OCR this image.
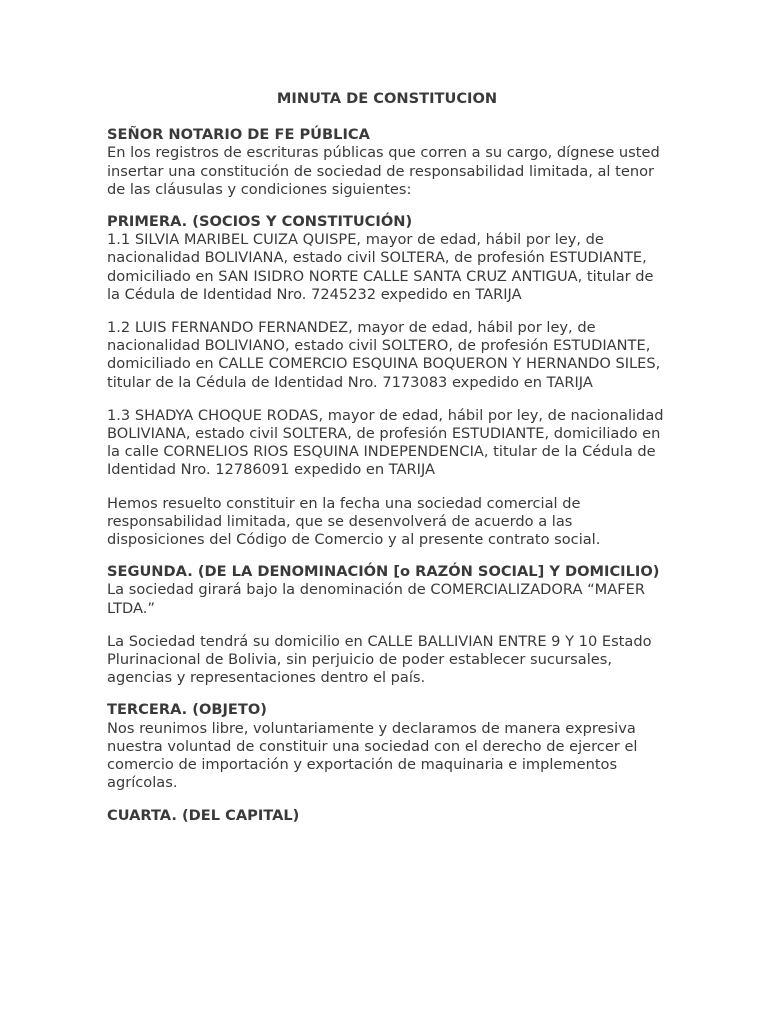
MINUTA DE CONSTITUCION

SEÑOR NOTARIO DE FE PÚBLICA

En los registros de escrituras públicas que corren a su cargo, dígnese usted insertar una constitución de sociedad de responsabilidad limitada, al tenor de las cláusulas y condiciones siguientes:

PRIMERA. (SOCIOS Y CONSTITUCIÓN)

1.1 SILVIA MARIBEL CUIZA QUISPE, mayor de edad, hábil por ley, de nacionalidad BOLIVIANA, estado civil SOLTERA, de profesión ESTUDIANTE, domiciliado en SAN ISIDRO NORTE CALLE SANTA CRUZ ANTIGUA, titular de la Cédula de Identidad Nro. 7245232 expedido en TARIJA

1.2 LUIS FERNANDO FERNANDEZ, mayor de edad, hábil por ley, de nacionalidad BOLIVIANO, estado civil SOLTERO, de profesión ESTUDIANTE, domiciliado en CALLE COMERCIO ESQUINA BOQUERON Y HERNANDO SILES, titular de la Cédula de Identidad Nro. 7173083 expedido en TARIJA

1.3 SHADYA CHOQUE RODAS, mayor de edad, hábil por ley, de nacionalidad BOLIVIANA, estado civil SOLTERA, de profesión ESTUDIANTE, domiciliado en la calle CORNELIOS RIOS ESQUINA INDEPENDENCIA, titular de la Cédula de Identidad Nro. 12786091 expedido en TARIJA

Hemos resuelto constituir en la fecha una sociedad comercial de responsabilidad limitada, que se desenvolverá de acuerdo a las disposiciones del Código de Comercio y al presente contrato social.

SEGUNDA. (DE LA DENOMINACIÓN [o RAZÓN SOCIAL] Y DOMICILIO)

La sociedad girará bajo la denominación de COMERCIALIZADORA “MAFER LTDA.”

La Sociedad tendrá su domicilio en CALLE BALLIVIAN ENTRE 9 Y 10 Estado Plurinacional de Bolivia, sin perjuicio de poder establecer sucursales, agencias y representaciones dentro el país.

TERCERA. (OBJETO)

Nos reunimos libre, voluntariamente y declaramos de manera expresiva nuestra voluntad de constituir una sociedad con el derecho de ejercer el comercio de importación y exportación de maquinaria e implementos agrícolas.

CUARTA. (DEL CAPITAL)
